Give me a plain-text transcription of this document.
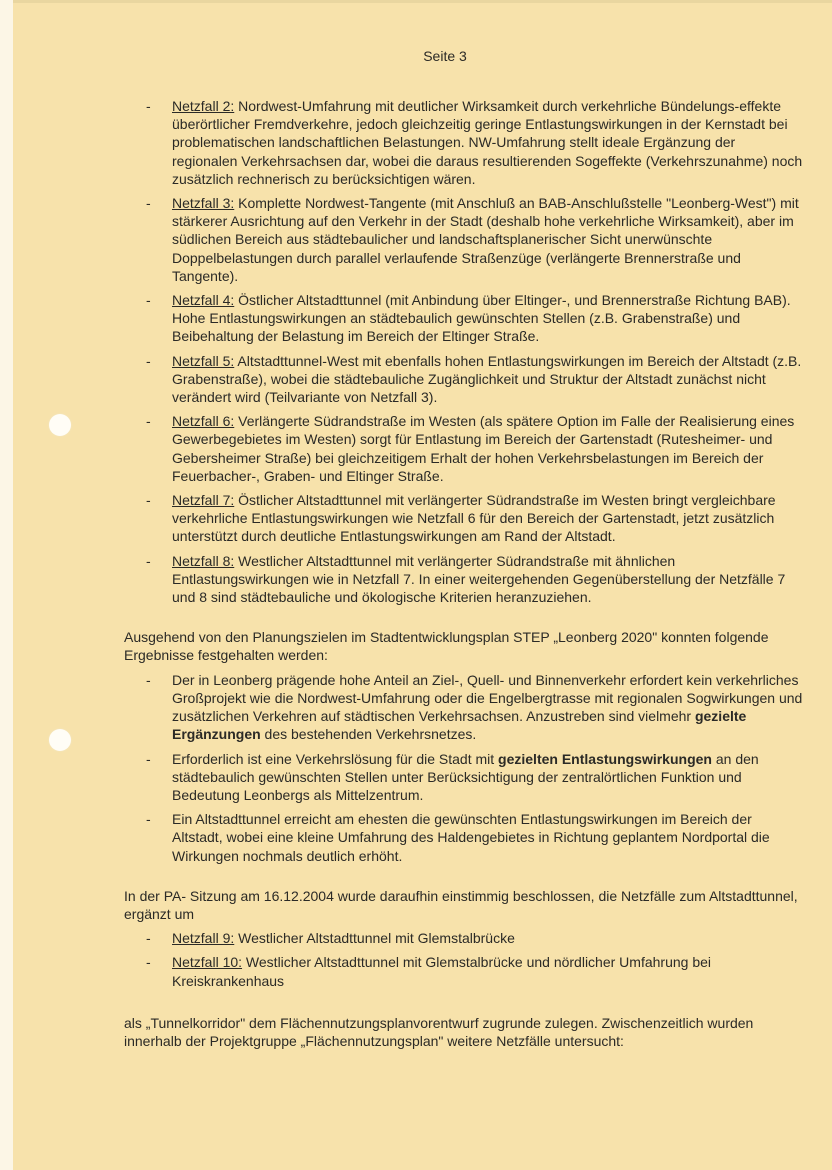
Seite 3
- Netzfall 2: Nordwest-Umfahrung mit deutlicher Wirksamkeit durch verkehrliche Bündelungs-effekte überörtlicher Fremdverkehre, jedoch gleichzeitig geringe Entlastungswirkungen in der Kernstadt bei problematischen landschaftlichen Belastungen. NW-Umfahrung stellt ideale Ergänzung der regionalen Verkehrsachsen dar, wobei die daraus resultierenden Sogeffekte (Verkehrszunahme) noch zusätzlich rechnerisch zu berücksichtigen wären.
- Netzfall 3: Komplette Nordwest-Tangente (mit Anschluß an BAB-Anschlußstelle "Leonberg-West") mit stärkerer Ausrichtung auf den Verkehr in der Stadt (deshalb hohe verkehrliche Wirksamkeit), aber im südlichen Bereich aus städtebaulicher und landschaftsplanerischer Sicht unerwünschte Doppelbelastungen durch parallel verlaufende Straßenzüge (verlängerte Brennerstraße und Tangente).
- Netzfall 4: Östlicher Altstadttunnel (mit Anbindung über Eltinger-, und Brennerstraße Richtung BAB). Hohe Entlastungswirkungen an städtebaulich gewünschten Stellen (z.B. Grabenstraße) und Beibehaltung der Belastung im Bereich der Eltinger Straße.
- Netzfall 5: Altstadttunnel-West mit ebenfalls hohen Entlastungswirkungen im Bereich der Altstadt (z.B. Grabenstraße), wobei die städtebauliche Zugänglichkeit und Struktur der Altstadt zunächst nicht verändert wird (Teilvariante von Netzfall 3).
- Netzfall 6: Verlängerte Südrandstraße im Westen (als spätere Option im Falle der Realisierung eines Gewerbegebietes im Westen) sorgt für Entlastung im Bereich der Gartenstadt (Rutesheimer- und Gebersheimer Straße) bei gleichzeitigem Erhalt der hohen Verkehrsbelastungen im Bereich der Feuerbacher-, Graben- und Eltinger Straße.
- Netzfall 7: Östlicher Altstadttunnel mit verlängerter Südrandstraße im Westen bringt vergleichbare verkehrliche Entlastungswirkungen wie Netzfall 6 für den Bereich der Gartenstadt, jetzt zusätzlich unterstützt durch deutliche Entlastungswirkungen am Rand der Altstadt.
- Netzfall 8: Westlicher Altstadttunnel mit verlängerter Südrandstraße mit ähnlichen Entlastungswirkungen wie in Netzfall 7. In einer weitergehenden Gegenüberstellung der Netzfälle 7 und 8 sind städtebauliche und ökologische Kriterien heranzuziehen.

Ausgehend von den Planungszielen im Stadtentwicklungsplan STEP „Leonberg 2020" konnten folgende Ergebnisse festgehalten werden:

- Der in Leonberg prägende hohe Anteil an Ziel-, Quell- und Binnenverkehr erfordert kein verkehrliches Großprojekt wie die Nordwest-Umfahrung oder die Engelbergtrasse mit regionalen Sogwirkungen und zusätzlichen Verkehren auf städtischen Verkehrsachsen. Anzustreben sind vielmehr gezielte Ergänzungen des bestehenden Verkehrsnetzes.
- Erforderlich ist eine Verkehrslösung für die Stadt mit gezielten Entlastungswirkungen an den städtebaulich gewünschten Stellen unter Berücksichtigung der zentralörtlichen Funktion und Bedeutung Leonbergs als Mittelzentrum.
- Ein Altstadttunnel erreicht am ehesten die gewünschten Entlastungswirkungen im Bereich der Altstadt, wobei eine kleine Umfahrung des Haldengebietes in Richtung geplantem Nordportal die Wirkungen nochmals deutlich erhöht.

In der PA- Sitzung am 16.12.2004 wurde daraufhin einstimmig beschlossen, die Netzfälle zum Altstadttunnel, ergänzt um

- Netzfall 9: Westlicher Altstadttunnel mit Glemstalbrücke
- Netzfall 10: Westlicher Altstadttunnel mit Glemstalbrücke und nördlicher Umfahrung bei Kreiskrankenhaus

als „Tunnelkorridor" dem Flächennutzungsplanvorentwurf zugrunde zulegen. Zwischenzeitlich wurden innerhalb der Projektgruppe „Flächennutzungsplan" weitere Netzfälle untersucht:
